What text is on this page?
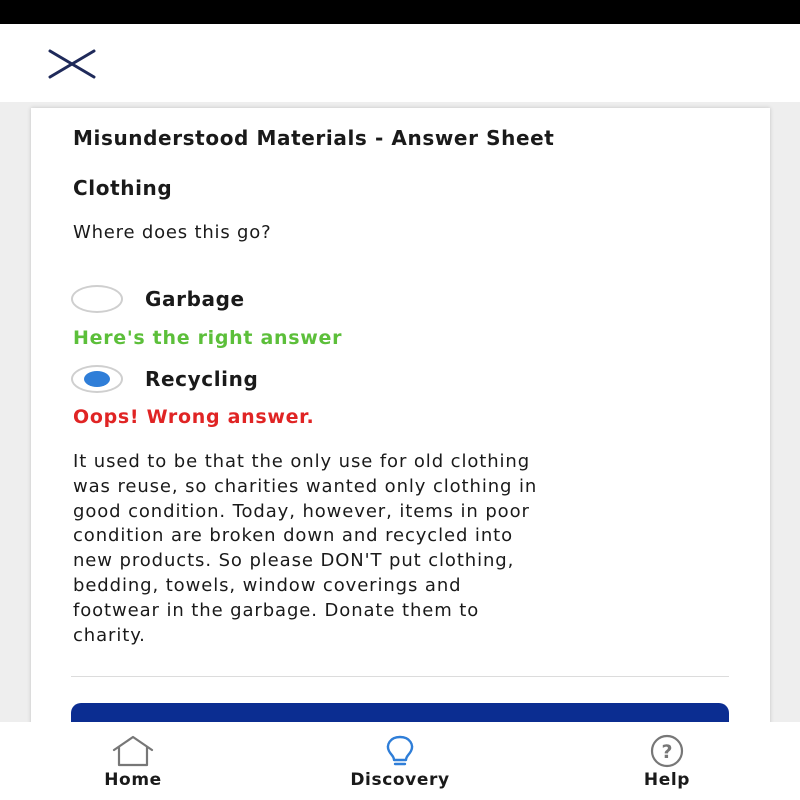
Misunderstood Materials - Answer Sheet
Clothing
Where does this go?
Garbage
Here's the right answer
Recycling
Oops! Wrong answer.
It used to be that the only use for old clothing
was reuse, so charities wanted only clothing in
good condition. Today, however, items in poor
condition are broken down and recycled into
new products. So please DON'T put clothing,
bedding, towels, window coverings and
footwear in the garbage. Donate them to
charity.
Home	Discovery
?
Help
